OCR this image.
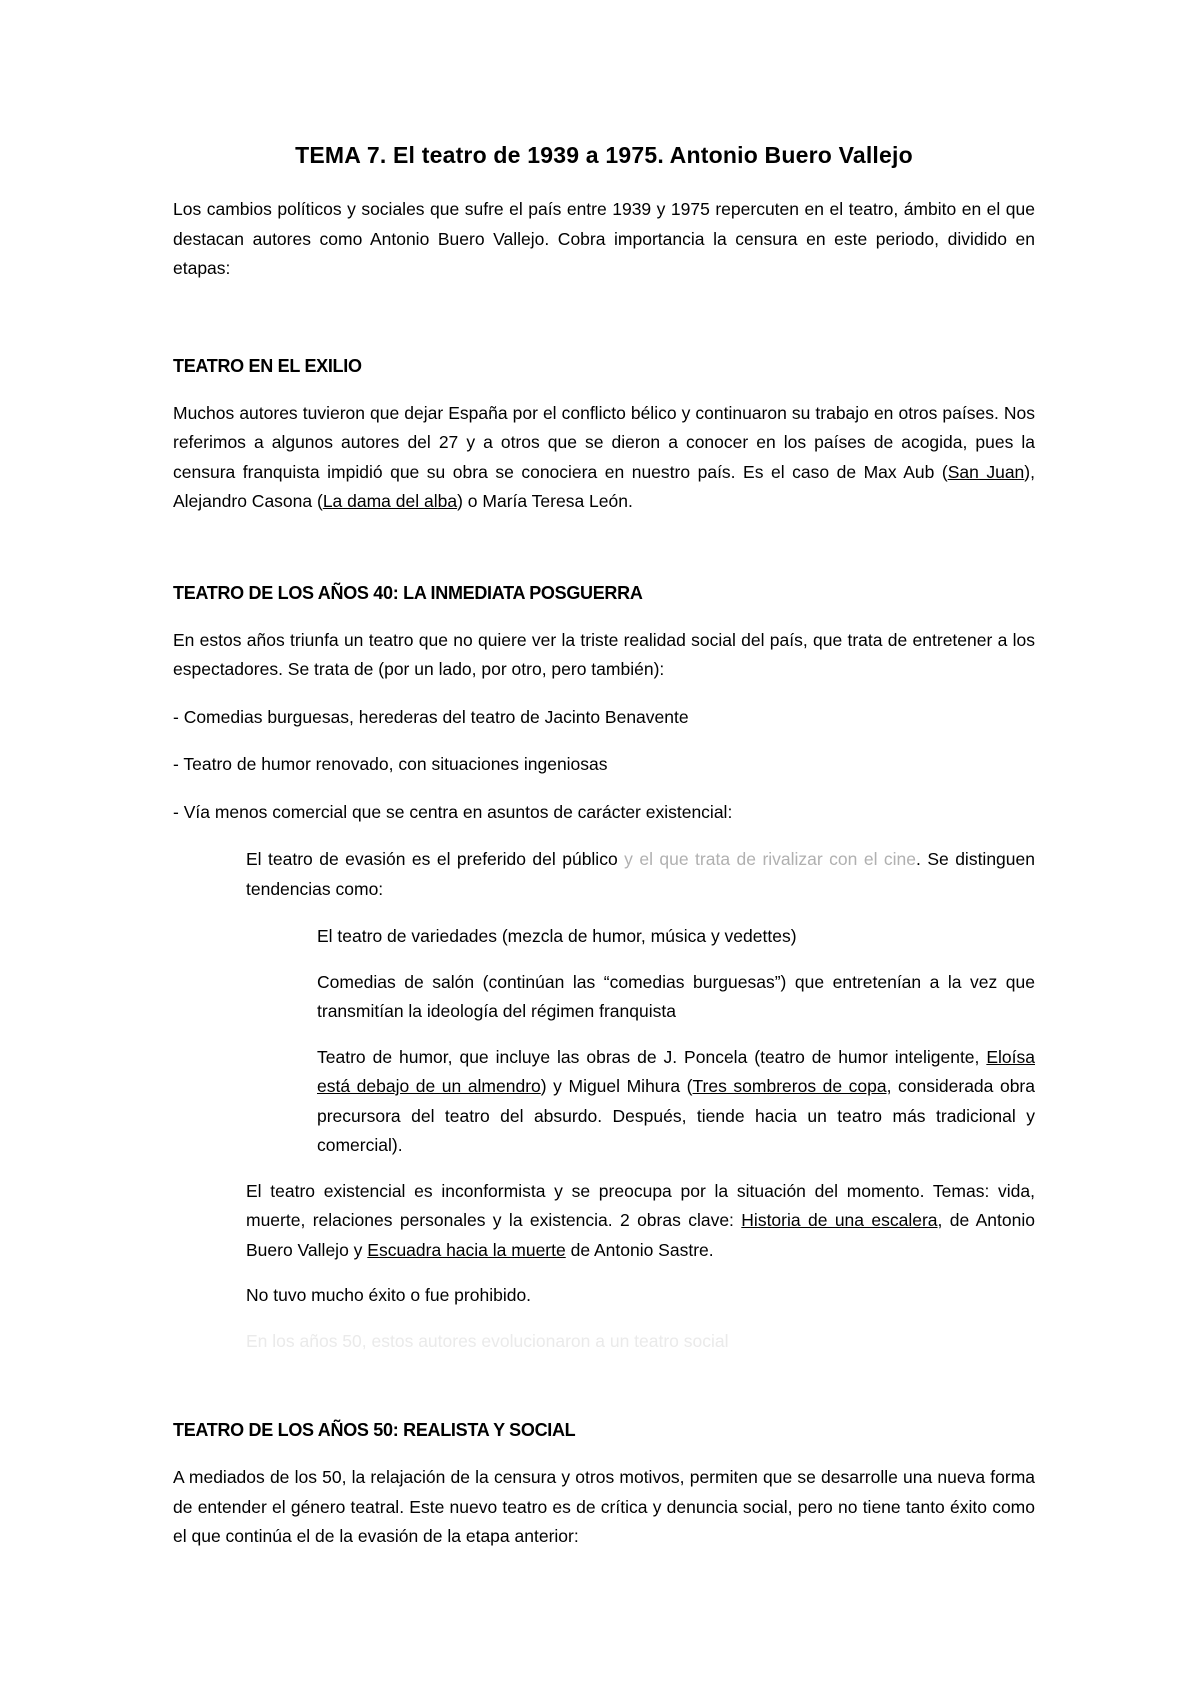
TEMA 7. El teatro de 1939 a 1975. Antonio Buero Vallejo

Los cambios políticos y sociales que sufre el país entre 1939 y 1975 repercuten en el teatro, ámbito en el que destacan autores como Antonio Buero Vallejo. Cobra importancia la censura en este periodo, dividido en etapas:

TEATRO EN EL EXILIO

Muchos autores tuvieron que dejar España por el conflicto bélico y continuaron su trabajo en otros países. Nos referimos a algunos autores del 27 y a otros que se dieron a conocer en los países de acogida, pues la censura franquista impidió que su obra se conociera en nuestro país. Es el caso de Max Aub (San Juan), Alejandro Casona (La dama del alba) o María Teresa León.

TEATRO DE LOS AÑOS 40: LA INMEDIATA POSGUERRA

En estos años triunfa un teatro que no quiere ver la triste realidad social del país, que trata de entretener a los espectadores. Se trata de (por un lado, por otro, pero también):

- Comedias burguesas, herederas del teatro de Jacinto Benavente

- Teatro de humor renovado, con situaciones ingeniosas

- Vía menos comercial que se centra en asuntos de carácter existencial:

El teatro de evasión es el preferido del público y el que trata de rivalizar con el cine. Se distinguen tendencias como:

El teatro de variedades (mezcla de humor, música y vedettes)

Comedias de salón (continúan las “comedias burguesas”) que entretenían a la vez que transmitían la ideología del régimen franquista

Teatro de humor, que incluye las obras de J. Poncela (teatro de humor inteligente, Eloísa está debajo de un almendro) y Miguel Mihura (Tres sombreros de copa, considerada obra precursora del teatro del absurdo. Después, tiende hacia un teatro más tradicional y comercial).

El teatro existencial es inconformista y se preocupa por la situación del momento. Temas: vida, muerte, relaciones personales y la existencia. 2 obras clave: Historia de una escalera, de Antonio Buero Vallejo y Escuadra hacia la muerte de Antonio Sastre.

No tuvo mucho éxito o fue prohibido.

En los años 50, estos autores evolucionaron a un teatro social

TEATRO DE LOS AÑOS 50: REALISTA Y SOCIAL

A mediados de los 50, la relajación de la censura y otros motivos, permiten que se desarrolle una nueva forma de entender el género teatral. Este nuevo teatro es de crítica y denuncia social, pero no tiene tanto éxito como el que continúa el de la evasión de la etapa anterior:
